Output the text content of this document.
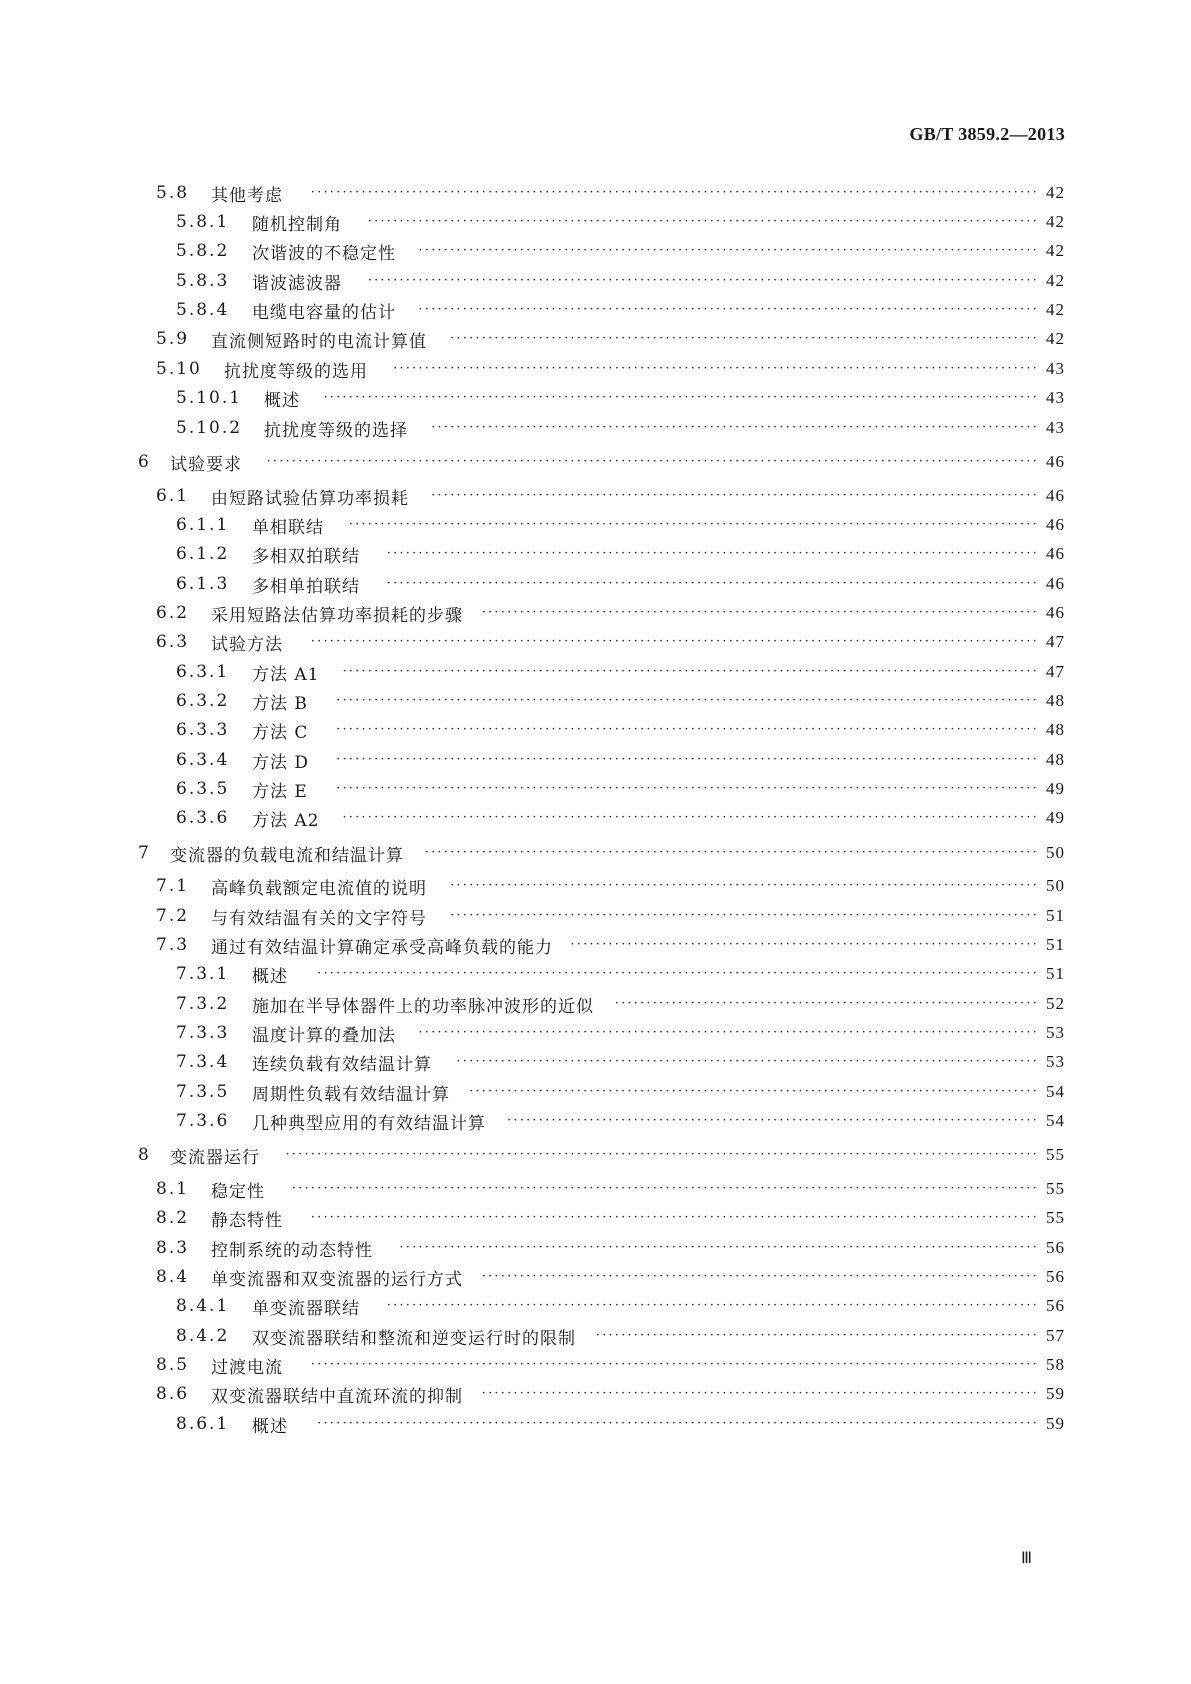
GB/T 3859.2—2013
5.8 其他考虑	··················································································································· 42
5.8.1 随机控制角	·········································································································· 42
5.8.2 次谐波的不稳定性	·································································································· 42
5.8.3 谐波滤波器	·········································································································· 42
5.8.4 电缆电容量的估计	·································································································· 42
5.9 直流侧短路时的电流计算值	····························································································· 42
5.10 抗扰度等级的选用	······································································································ 43
5.10.1 概述	················································································································· 43
5.10.2 抗扰度等级的选择	································································································ 43
6 试验要求	·························································································································· 46
6.1 由短路试验估算功率损耗	································································································ 46
6.1.1 单相联结	············································································································· 46
6.1.2 多相双拍联结	······································································································· 46
6.1.3 多相单拍联结	······································································································· 46
6.2 采用短路法估算功率损耗的步骤	························································································ 46
6.3 试验方法	··················································································································· 47
6.3.1 方法 A1	·············································································································· 47
6.3.2 方法 B	··············································································································· 48
6.3.3 方法 C	··············································································································· 48
6.3.4 方法 D	··············································································································· 48
6.3.5 方法 E	··············································································································· 49
6.3.6 方法 A2	·············································································································· 49
7 变流器的负载电流和结温计算	································································································· 50
7.1 高峰负载额定电流值的说明	····························································································· 50
7.2 与有效结温有关的文字符号	····························································································· 51
7.3 通过有效结温计算确定承受高峰负载的能力	·········································································· 51
7.3.1 概述	·················································································································· 51
7.3.2 施加在半导体器件上的功率脉冲波形的近似	··································································· 52
7.3.3 温度计算的叠加法	·································································································· 53
7.3.4 连续负载有效结温计算	···························································································· 53
7.3.5 周期性负载有效结温计算	·························································································· 54
7.3.6 几种典型应用的有效结温计算	···················································································· 54
8 变流器运行	······················································································································· 55
8.1 稳定性	······················································································································ 55
8.2 静态特性	··················································································································· 55
8.3 控制系统的动态特性	····································································································· 56
8.4 单变流器和双变流器的运行方式	························································································ 56
8.4.1 单变流器联结	······································································································· 56
8.4.2 双变流器联结和整流和逆变运行时的限制	······································································ 57
8.5 过渡电流	··················································································································· 58
8.6 双变流器联结中直流环流的抑制	························································································ 59
8.6.1 概述	·················································································································· 59
Ⅲ
